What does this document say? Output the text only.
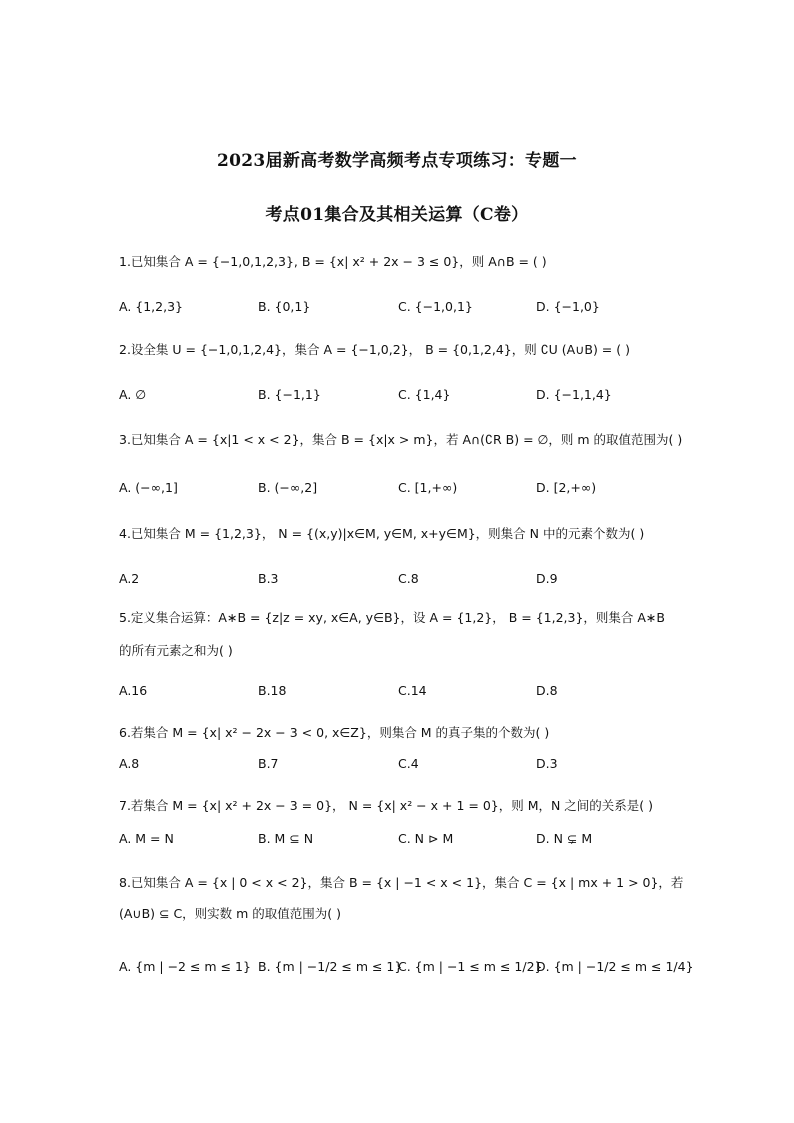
2023届新高考数学高频考点专项练习：专题一
考点01集合及其相关运算（C卷）
1.已知集合 A = {−1,0,1,2,3}, B = {x| x² + 2x − 3 ≤ 0}，则 A∩B = ( )
A. {1,2,3}	B. {0,1}	C. {−1,0,1}	D. {−1,0}
2.设全集 U = {−1,0,1,2,4}，集合 A = {−1,0,2}， B = {0,1,2,4}，则 ∁U (A∪B) = ( )
A. ∅	B. {−1,1}	C. {1,4}	D. {−1,1,4}
3.已知集合 A = {x|1 < x < 2}，集合 B = {x|x > m}，若 A∩(∁R B) = ∅，则 m 的取值范围为( )
A. (−∞,1]	B. (−∞,2]	C. [1,+∞)	D. [2,+∞)
4.已知集合 M = {1,2,3}， N = {(x,y)|x∈M, y∈M, x+y∈M}，则集合 N 中的元素个数为( )
A.2	B.3	C.8	D.9
5.定义集合运算：A∗B = {z|z = xy, x∈A, y∈B}，设 A = {1,2}， B = {1,2,3}，则集合 A∗B
的所有元素之和为( )
A.16	B.18	C.14	D.8
6.若集合 M = {x| x² − 2x − 3 < 0, x∈Z}，则集合 M 的真子集的个数为( )
A.8	B.7	C.4	D.3
7.若集合 M = {x| x² + 2x − 3 = 0}， N = {x| x² − x + 1 = 0}，则 M，N 之间的关系是( )
A. M = N	B. M ⊆ N	C. N ⊳ M	D. N ⊊ M
8.已知集合 A = {x | 0 < x < 2}，集合 B = {x | −1 < x < 1}，集合 C = {x | mx + 1 > 0}，若
(A∪B) ⊆ C，则实数 m 的取值范围为( )
A. {m | −2 ≤ m ≤ 1} B. {m | −1/2 ≤ m ≤ 1}
C. {m | −1 ≤ m ≤ 1/2}
D. {m | −1/2 ≤ m ≤ 1/4}
